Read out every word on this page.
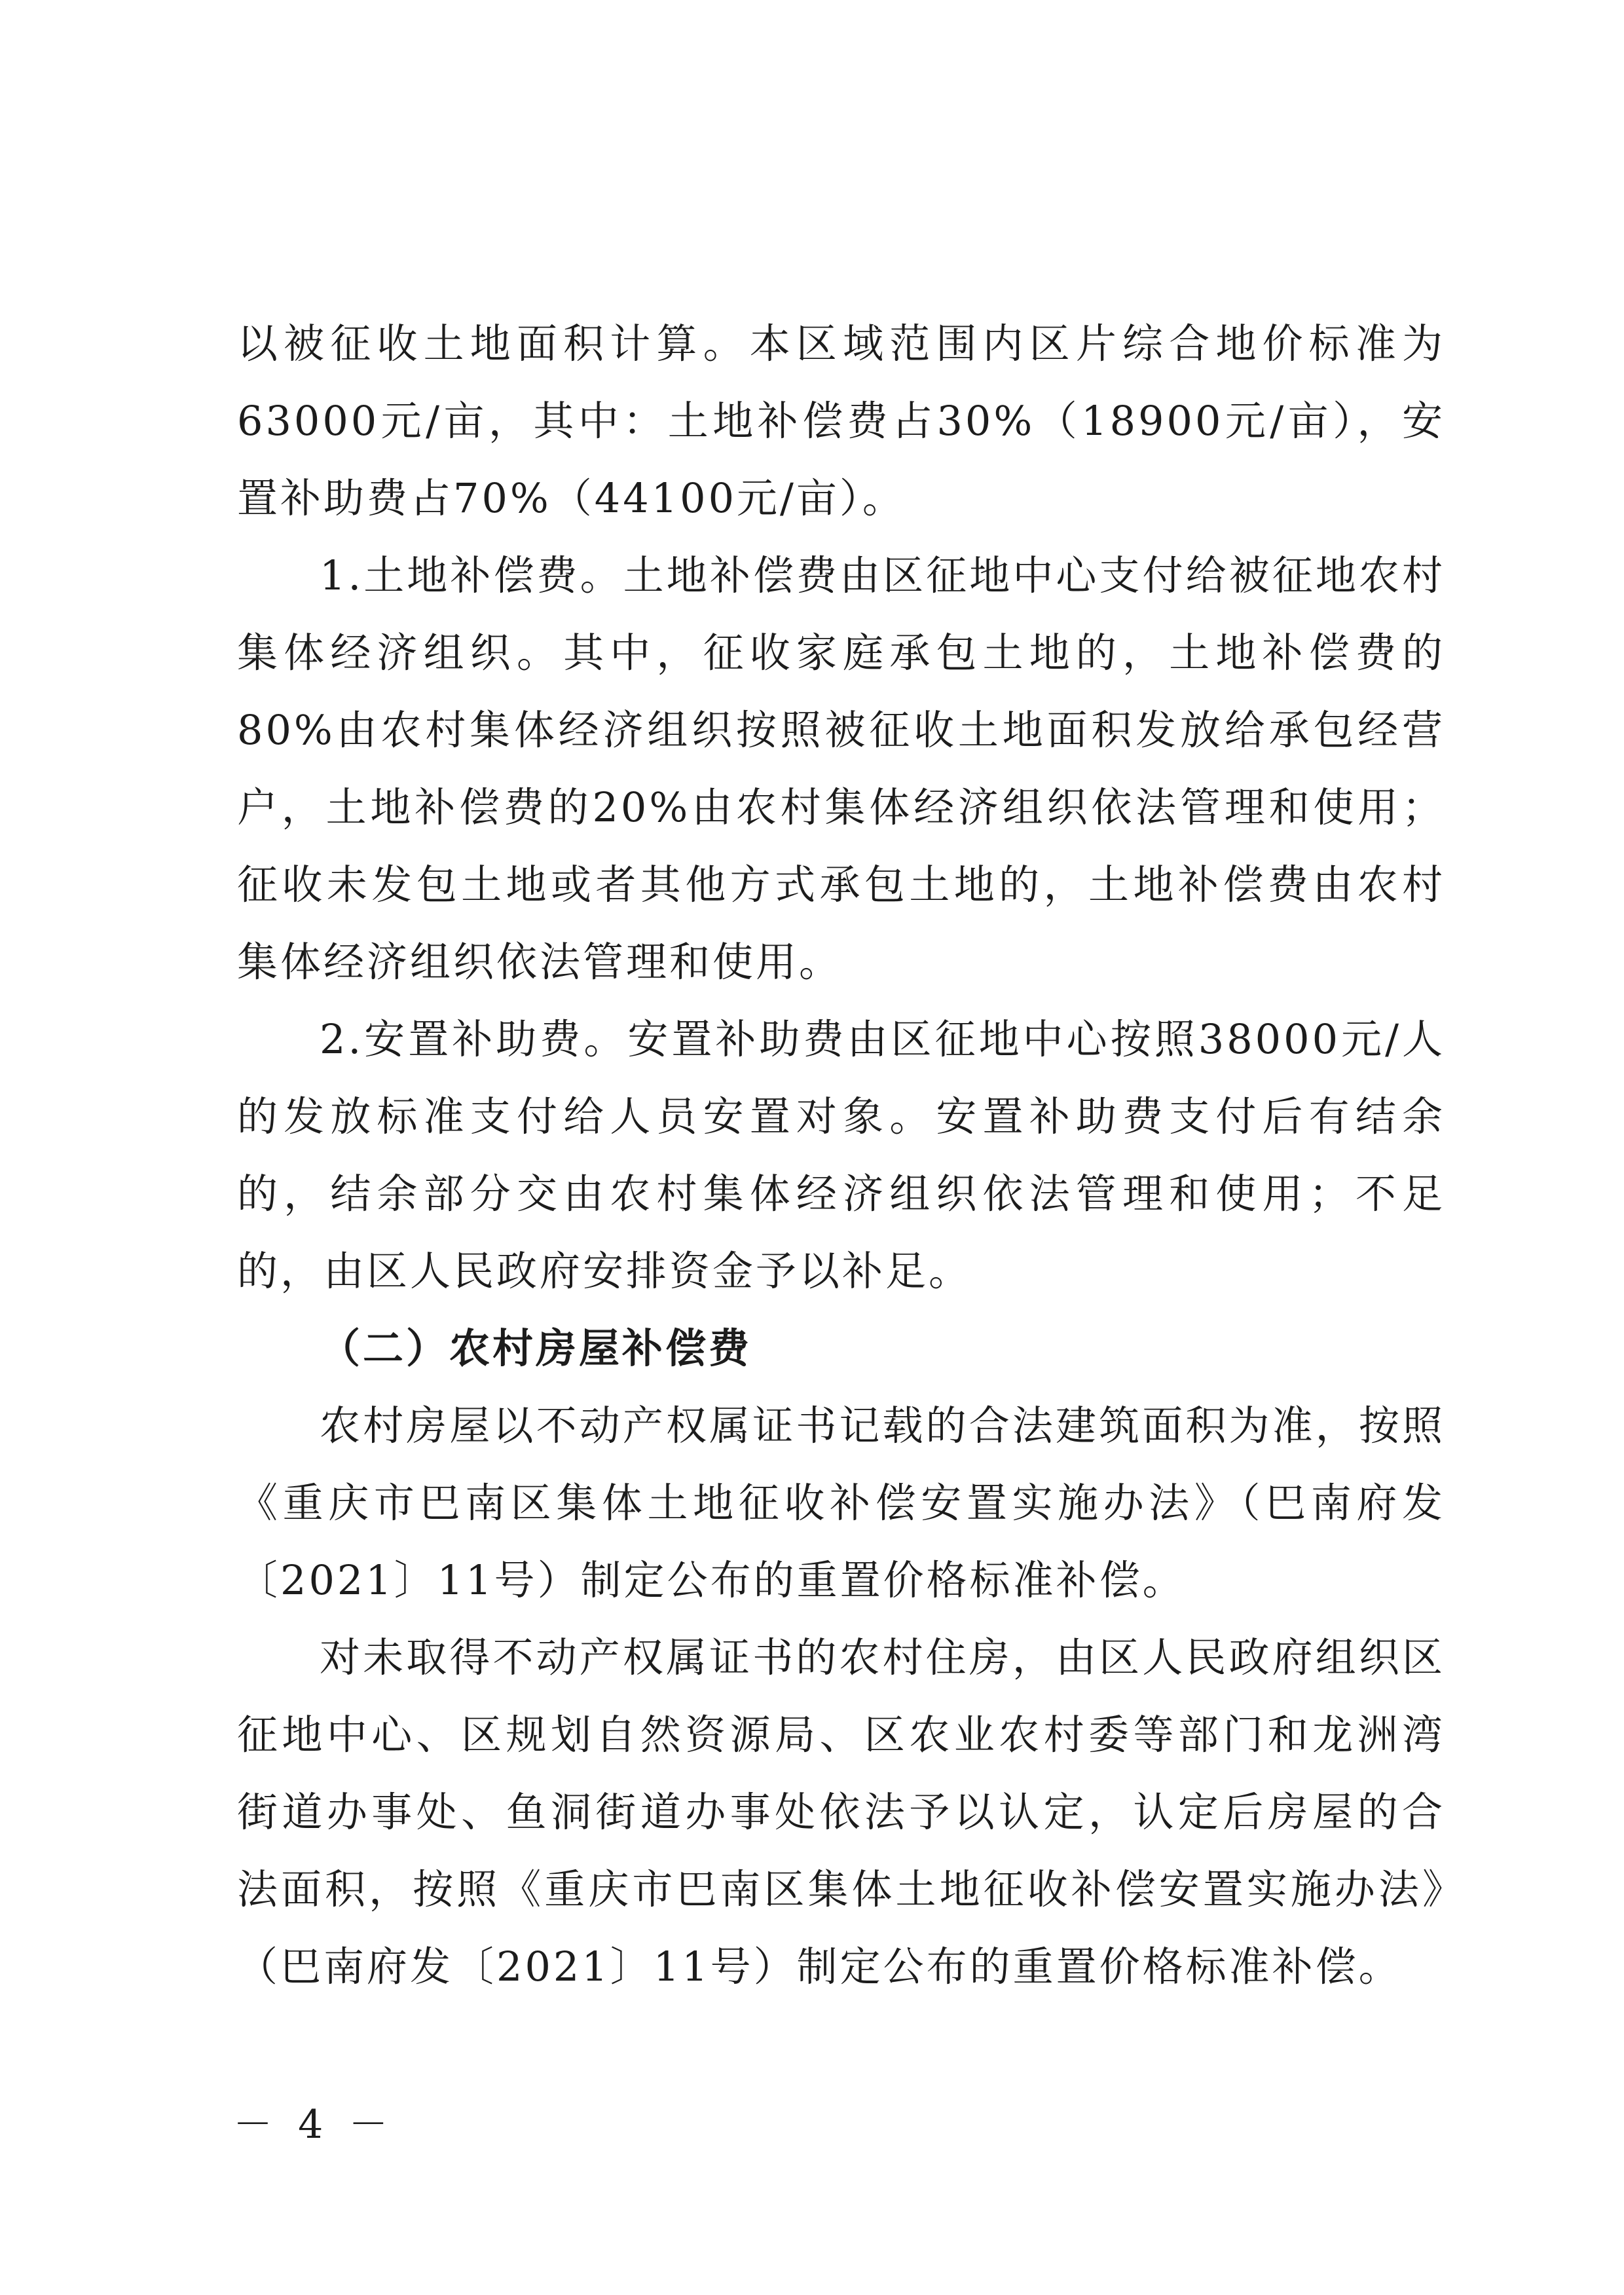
以被征收土地面积计算。本区域范围内区片综合地价标准为63000元/亩，其中：土地补偿费占30%（18900元/亩），安置补助费占70%（44100元/亩）。

1.土地补偿费。土地补偿费由区征地中心支付给被征地农村集体经济组织。其中，征收家庭承包土地的，土地补偿费的80%由农村集体经济组织按照被征收土地面积发放给承包经营户，土地补偿费的20%由农村集体经济组织依法管理和使用；征收未发包土地或者其他方式承包土地的，土地补偿费由农村集体经济组织依法管理和使用。

2.安置补助费。安置补助费由区征地中心按照38000元/人的发放标准支付给人员安置对象。安置补助费支付后有结余的，结余部分交由农村集体经济组织依法管理和使用；不足的，由区人民政府安排资金予以补足。

（二）农村房屋补偿费

农村房屋以不动产权属证书记载的合法建筑面积为准，按照《重庆市巴南区集体土地征收补偿安置实施办法》（巴南府发〔2021〕11号）制定公布的重置价格标准补偿。

对未取得不动产权属证书的农村住房，由区人民政府组织区征地中心、区规划自然资源局、区农业农村委等部门和龙洲湾街道办事处、鱼洞街道办事处依法予以认定，认定后房屋的合法面积，按照《重庆市巴南区集体土地征收补偿安置实施办法》（巴南府发〔2021〕11号）制定公布的重置价格标准补偿。

－ 4 －
